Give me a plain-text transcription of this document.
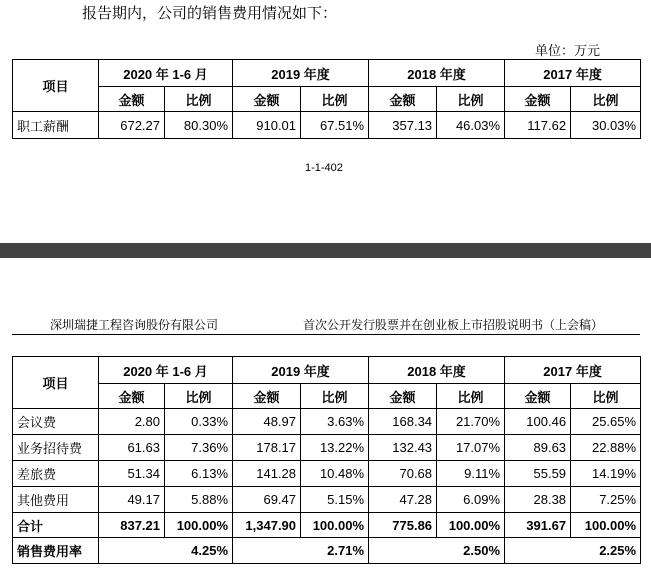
报告期内，公司的销售费用情况如下：
单位：万元
项目	2020 年 1-6 月		2019 年度		2018 年度		2017 年度	
	金额	比例	金额	比例	金额	比例	金额	比例
职工薪酬	672.27	80.30%	910.01	67.51%	357.13	46.03%	117.62	30.03%
1-1-402
深圳瑞捷工程咨询股份有限公司	首次公开发行股票并在创业板上市招股说明书（上会稿）
项目	2020 年 1-6 月		2019 年度		2018 年度		2017 年度	
	金额	比例	金额	比例	金额	比例	金额	比例
会议费	2.80	0.33%	48.97	3.63%	168.34	21.70%	100.46	25.65%
业务招待费	61.63	7.36%	178.17	13.22%	132.43	17.07%	89.63	22.88%
差旅费	51.34	6.13%	141.28	10.48%	70.68	9.11%	55.59	14.19%
其他费用	49.17	5.88%	69.47	5.15%	47.28	6.09%	28.38	7.25%
合计	837.21	100.00%	1,347.90	100.00%	775.86	100.00%	391.67	100.00%
销售费用率	4.25%		2.71%		2.50%		2.25%	
